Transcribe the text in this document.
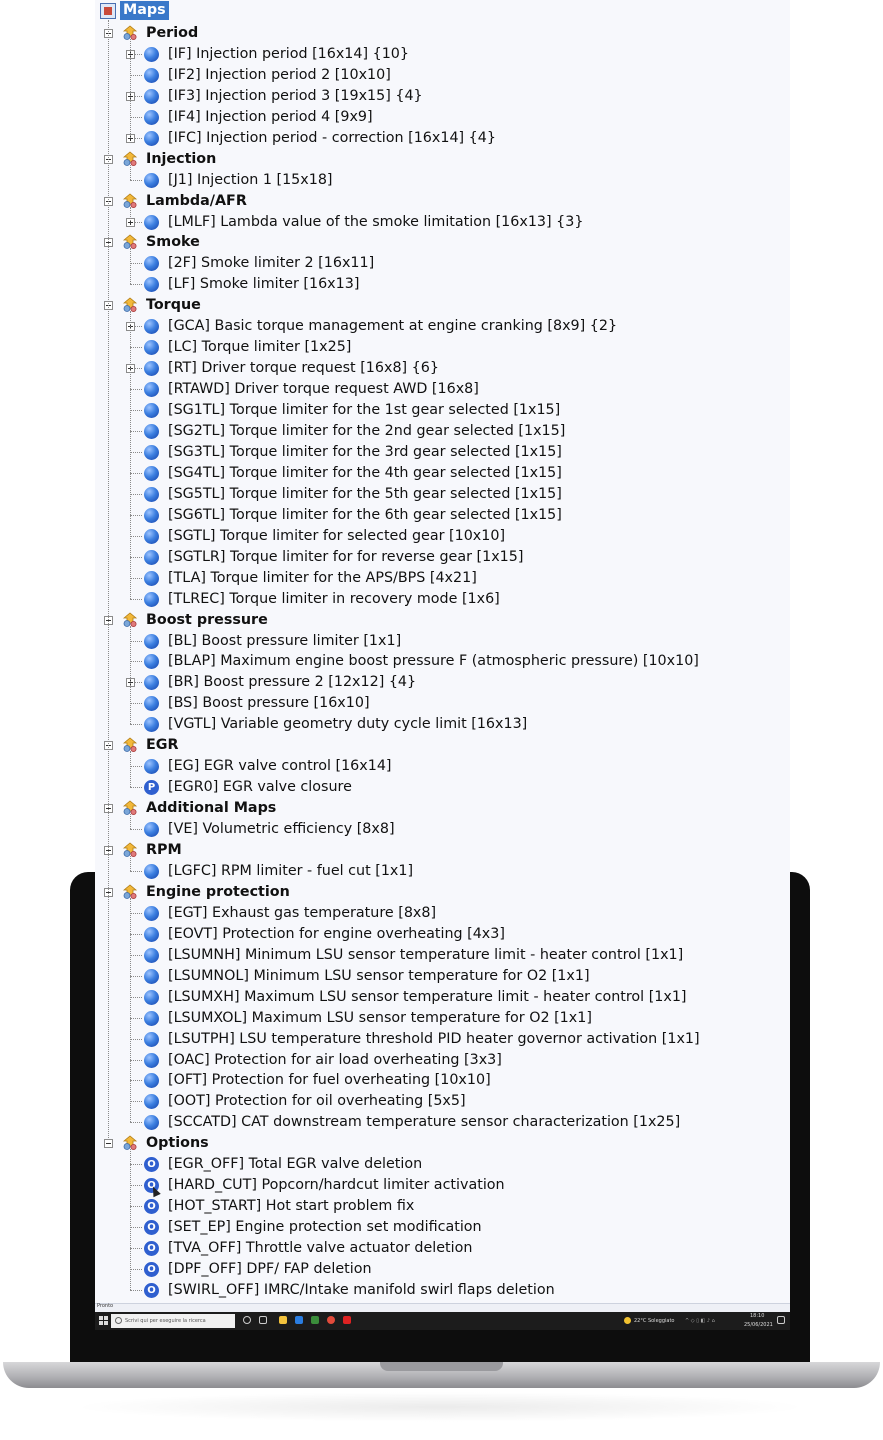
Maps
Period
[IF] Injection period [16x14] {10}
[IF2] Injection period 2 [10x10]
[IF3] Injection period 3 [19x15] {4}
[IF4] Injection period 4 [9x9]
[IFC] Injection period - correction [16x14] {4}
Injection
[J1] Injection 1 [15x18]
Lambda/AFR
[LMLF] Lambda value of the smoke limitation [16x13] {3}
Smoke
[2F] Smoke limiter 2 [16x11]
[LF] Smoke limiter [16x13]
Torque
[GCA] Basic torque management at engine cranking [8x9] {2}
[LC] Torque limiter [1x25]
[RT] Driver torque request [16x8] {6}
[RTAWD] Driver torque request AWD [16x8]
[SG1TL] Torque limiter for the 1st gear selected [1x15]
[SG2TL] Torque limiter for the 2nd gear selected [1x15]
[SG3TL] Torque limiter for the 3rd gear selected [1x15]
[SG4TL] Torque limiter for the 4th gear selected [1x15]
[SG5TL] Torque limiter for the 5th gear selected [1x15]
[SG6TL] Torque limiter for the 6th gear selected [1x15]
[SGTL] Torque limiter for selected gear [10x10]
[SGTLR] Torque limiter for for reverse gear [1x15]
[TLA] Torque limiter for the APS/BPS [4x21]
[TLREC] Torque limiter in recovery mode [1x6]
Boost pressure
[BL] Boost pressure limiter [1x1]
[BLAP] Maximum engine boost pressure F (atmospheric pressure) [10x10]
[BR] Boost pressure 2 [12x12] {4}
[BS] Boost pressure [16x10]
[VGTL] Variable geometry duty cycle limit [16x13]
EGR
[EG] EGR valve control [16x14]
P [EGR0] EGR valve closure
Additional Maps
[VE] Volumetric efficiency [8x8]
RPM
[LGFC] RPM limiter - fuel cut [1x1]
Engine protection
[EGT] Exhaust gas temperature [8x8]
[EOVT] Protection for engine overheating [4x3]
[LSUMNH] Minimum LSU sensor temperature limit - heater control [1x1]
[LSUMNOL] Minimum LSU sensor temperature for O2 [1x1]
[LSUMXH] Maximum LSU sensor temperature limit - heater control [1x1]
[LSUMXOL] Maximum LSU sensor temperature for O2 [1x1]
[LSUTPH] LSU temperature threshold PID heater governor activation [1x1]
[OAC] Protection for air load overheating [3x3]
[OFT] Protection for fuel overheating [10x10]
[OOT] Protection for oil overheating [5x5]
[SCCATD] CAT downstream temperature sensor characterization [1x25]
Options
O [EGR_OFF] Total EGR valve deletion
O [HARD_CUT] Popcorn/hardcut limiter activation
O [HOT_START] Hot start problem fix
O [SET_EP] Engine protection set modification
O [TVA_OFF] Throttle valve actuator deletion
O [DPF_OFF] DPF/ FAP deletion
O [SWIRL_OFF] IMRC/Intake manifold swirl flaps deletion
Pronto
Scrivi qui per eseguire la ricerca	22°C Soleggiato ^ ◇ ▯ ◧ ♪ ⌂
18:10
25/06/2021
